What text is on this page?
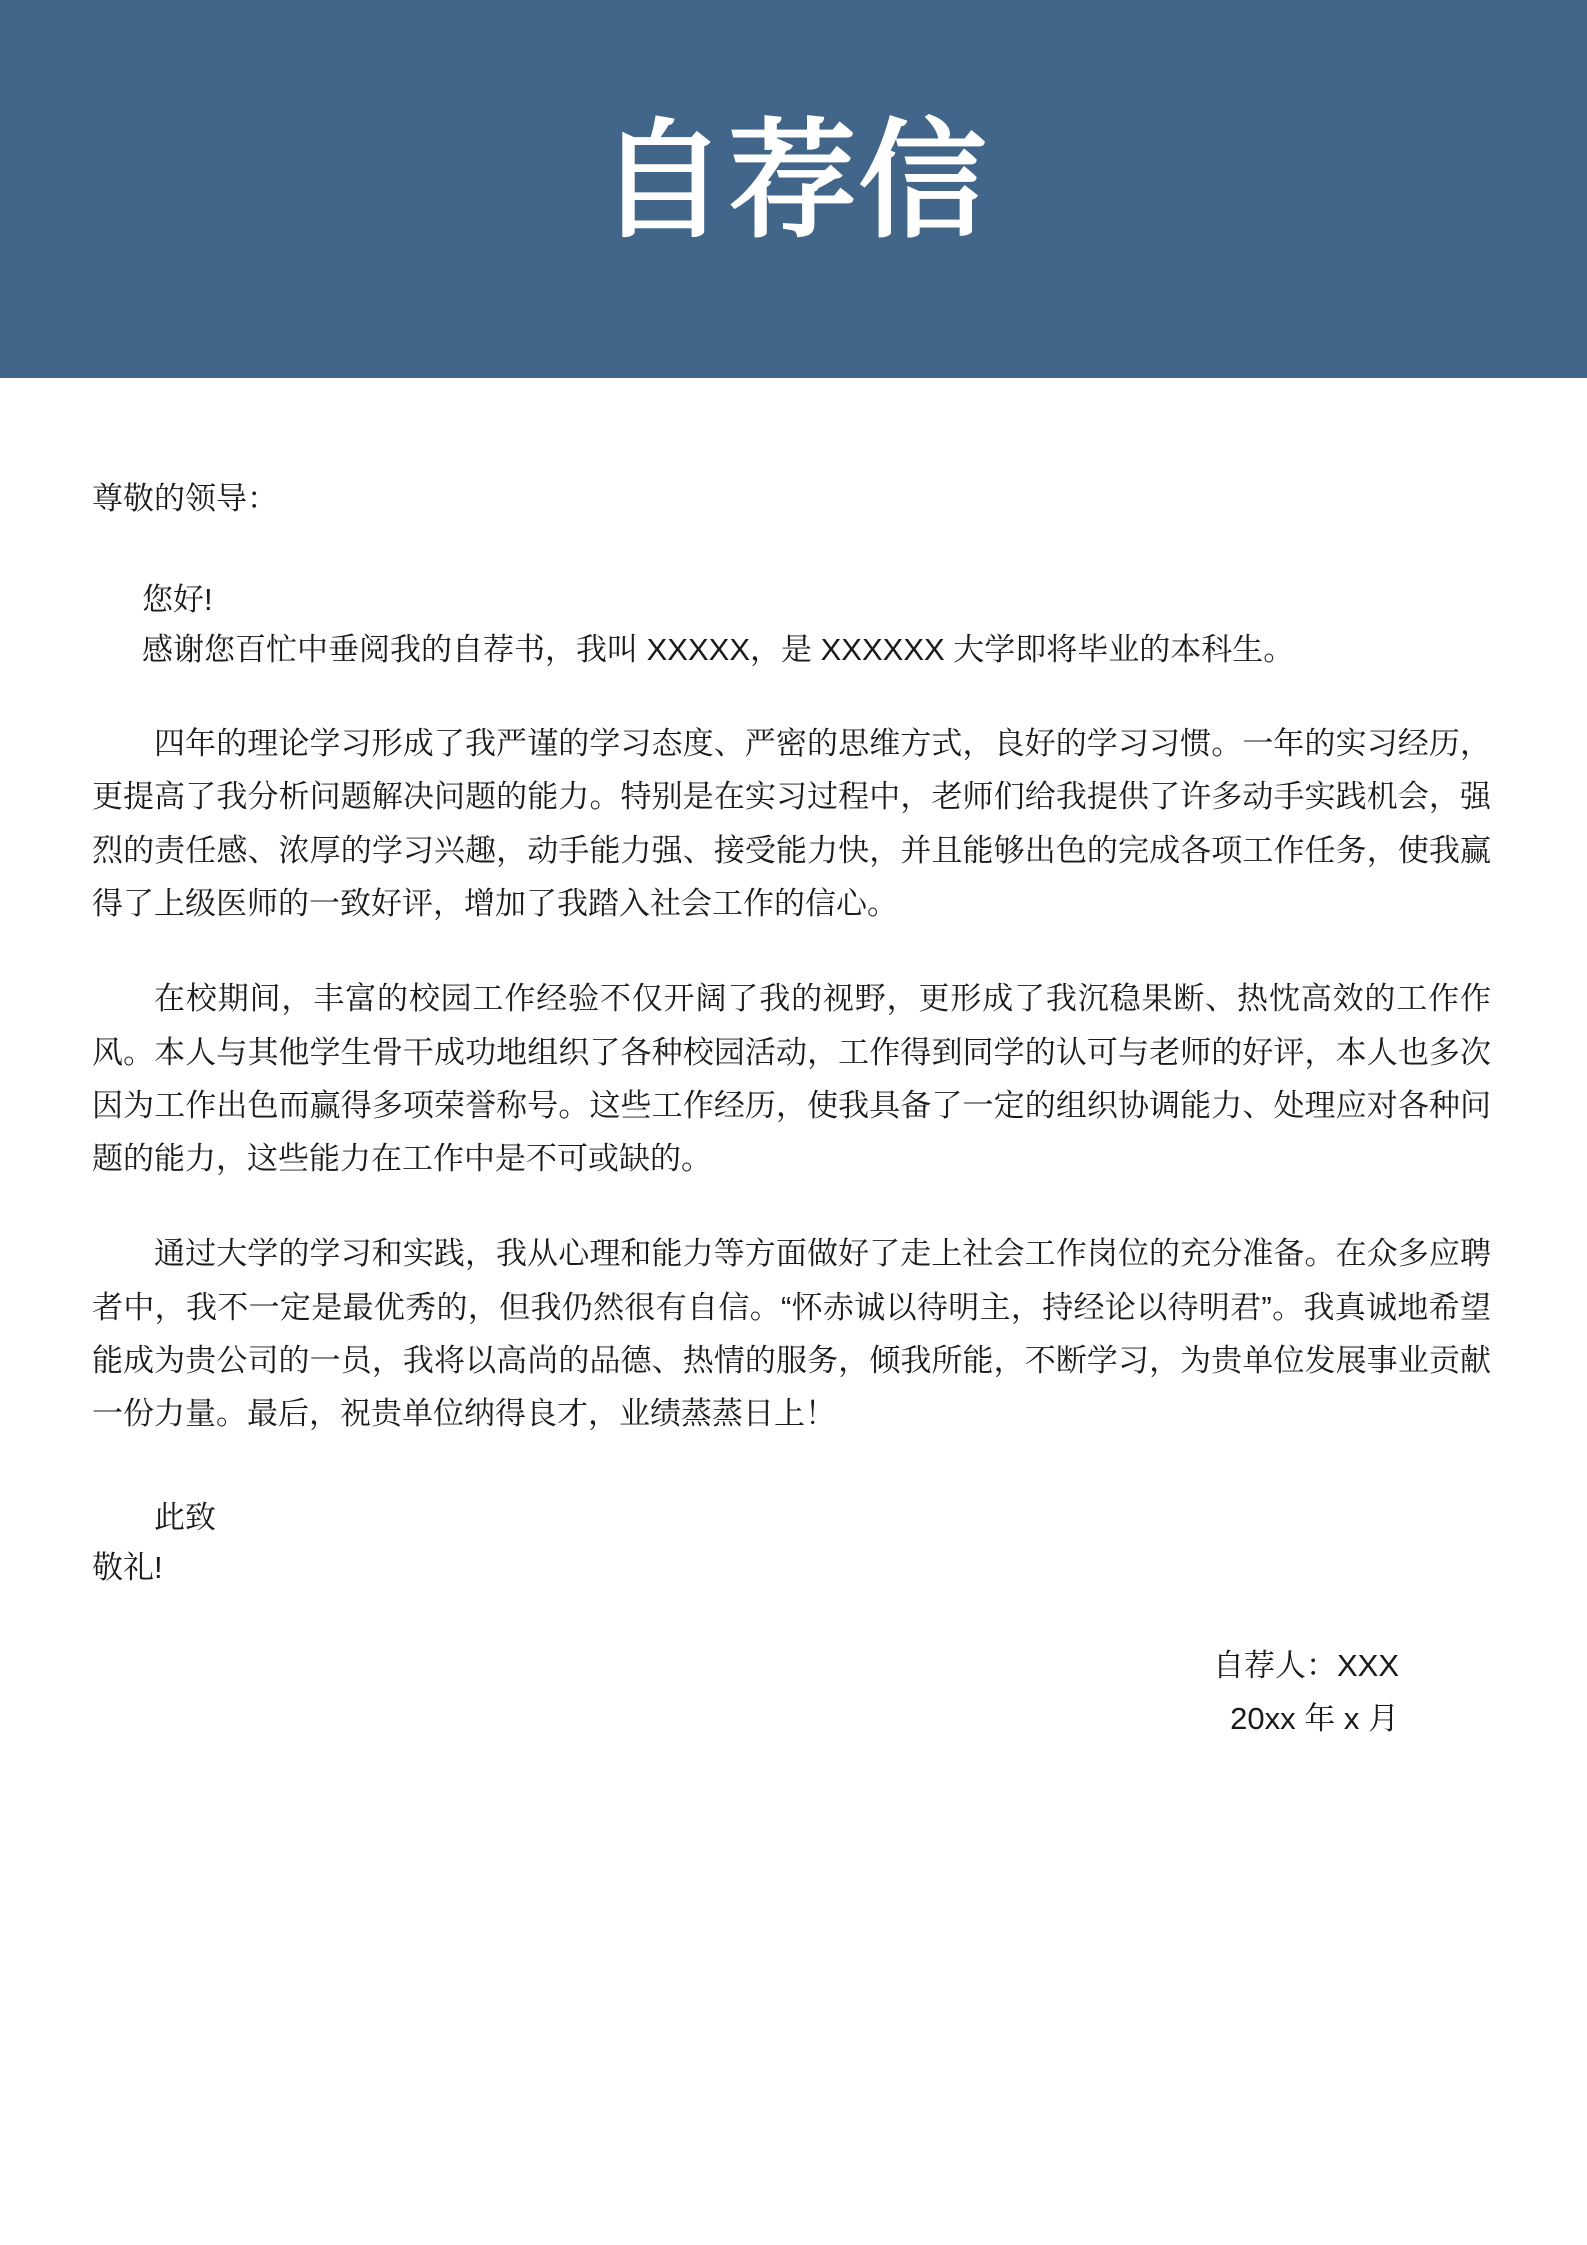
自荐信
尊敬的领导：
您好!
感谢您百忙中垂阅我的自荐书，我叫 XXXXX，是 XXXXXX 大学即将毕业的本科生。

四年的理论学习形成了我严谨的学习态度、严密的思维方式，良好的学习习惯。一年的实习经历，更提高了我分析问题解决问题的能力。特别是在实习过程中，老师们给我提供了许多动手实践机会，强烈的责任感、浓厚的学习兴趣，动手能力强、接受能力快，并且能够出色的完成各项工作任务，使我赢得了上级医师的一致好评，增加了我踏入社会工作的信心。

在校期间，丰富的校园工作经验不仅开阔了我的视野，更形成了我沉稳果断、热忱高效的工作作风。本人与其他学生骨干成功地组织了各种校园活动，工作得到同学的认可与老师的好评，本人也多次因为工作出色而赢得多项荣誉称号。这些工作经历，使我具备了一定的组织协调能力、处理应对各种问题的能力，这些能力在工作中是不可或缺的。

通过大学的学习和实践，我从心理和能力等方面做好了走上社会工作岗位的充分准备。在众多应聘者中，我不一定是最优秀的，但我仍然很有自信。“怀赤诚以待明主，持经论以待明君”。我真诚地希望能成为贵公司的一员，我将以高尚的品德、热情的服务，倾我所能，不断学习，为贵单位发展事业贡献一份力量。最后，祝贵单位纳得良才，业绩蒸蒸日上！

此致
敬礼!
自荐人：XXX
20xx 年 x 月
